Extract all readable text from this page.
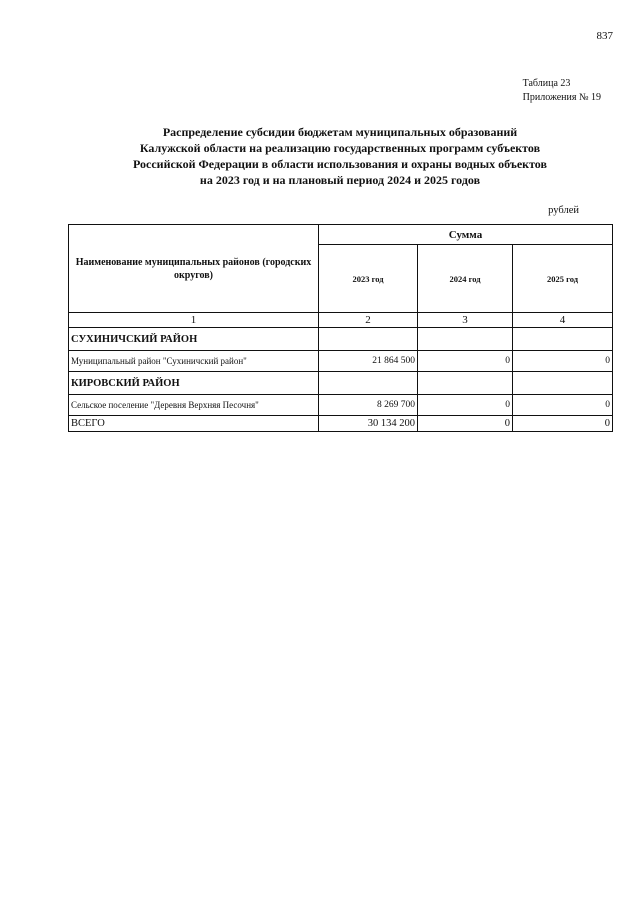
837
Таблица 23
Приложения № 19
Распределение субсидии бюджетам муниципальных образований
Калужской области на реализацию государственных программ субъектов
Российской Федерации в области использования и охраны водных объектов
на 2023 год и на плановый период 2024 и 2025 годов
рублей
Наименование муниципальных районов (городских округов)	Сумма		
	2023 год	2024 год	2025 год
1	2	3	4
СУХИНИЧСКИЙ РАЙОН			
Муниципальный район "Сухиничский район"	21 864 500	0	0
КИРОВСКИЙ РАЙОН			
Сельское поселение "Деревня Верхняя Песочня"	8 269 700	0	0
ВСЕГО	30 134 200	0	0
